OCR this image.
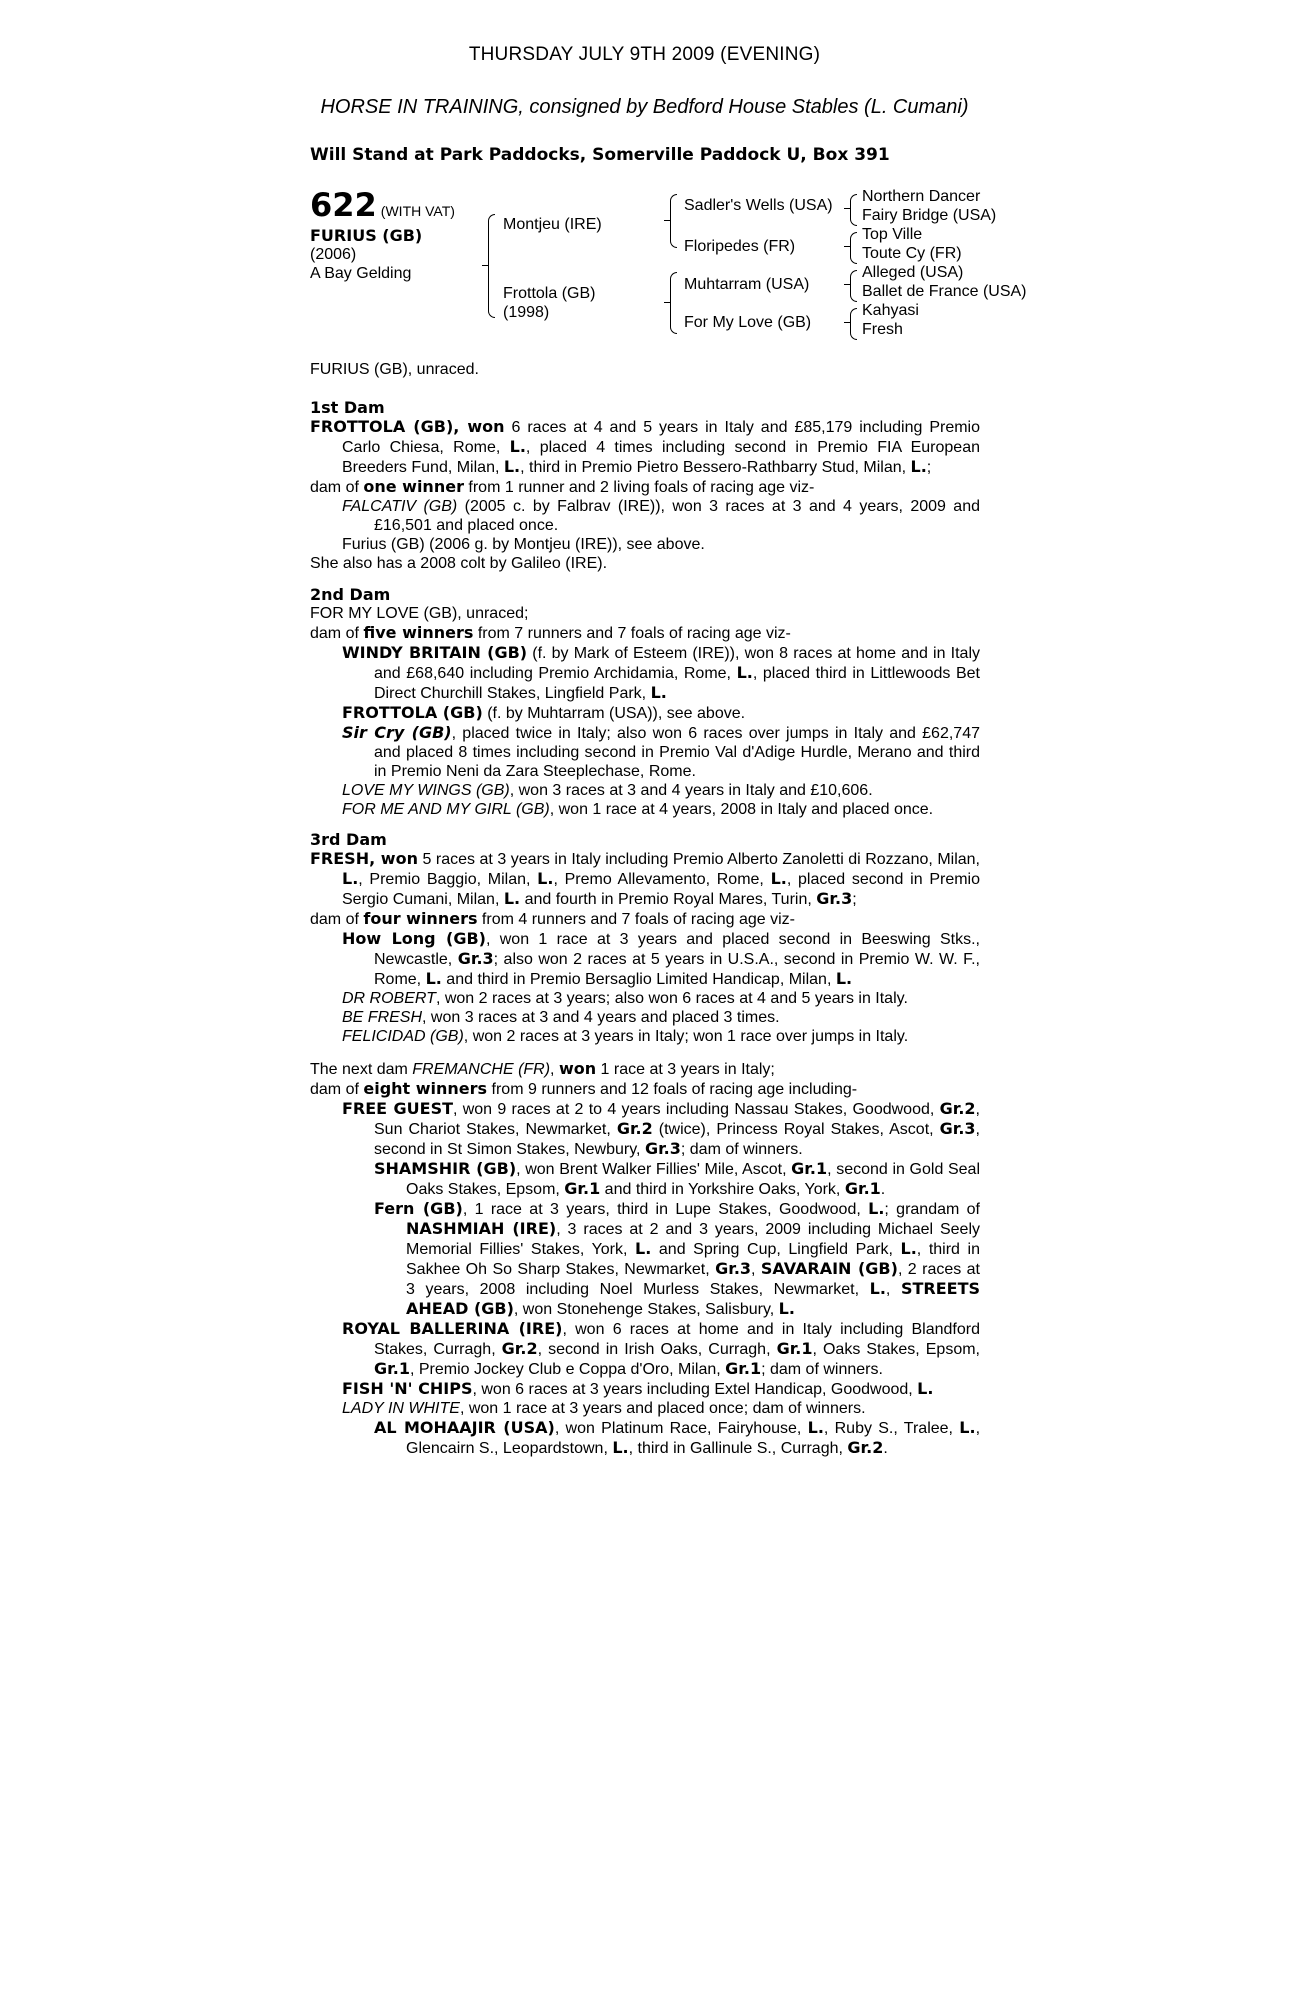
THURSDAY JULY 9TH 2009 (EVENING)
HORSE IN TRAINING, consigned by Bedford House Stables (L. Cumani)
Will Stand at Park Paddocks, Somerville Paddock U, Box 391
622 (WITH VAT)
FURIUS (GB)
(2006)
A Bay Gelding
Montjeu (IRE)
Frottola (GB)
(1998)
Sadler's Wells (USA)
Floripedes (FR)
Muhtarram (USA)
For My Love (GB)
Northern Dancer
Fairy Bridge (USA)
Top Ville
Toute Cy (FR)
Alleged (USA)
Ballet de France (USA)
Kahyasi
Fresh
FURIUS (GB), unraced.

1st Dam

FROTTOLA (GB), won 6 races at 4 and 5 years in Italy and £85,179 including Premio Carlo Chiesa, Rome, L., placed 4 times including second in Premio FIA European Breeders Fund, Milan, L., third in Premio Pietro Bessero-Rathbarry Stud, Milan, L.;

dam of one winner from 1 runner and 2 living foals of racing age viz-

FALCATIV (GB) (2005 c. by Falbrav (IRE)), won 3 races at 3 and 4 years, 2009 and £16,501 and placed once.

Furius (GB) (2006 g. by Montjeu (IRE)), see above.

She also has a 2008 colt by Galileo (IRE).

2nd Dam

FOR MY LOVE (GB), unraced;

dam of five winners from 7 runners and 7 foals of racing age viz-

WINDY BRITAIN (GB) (f. by Mark of Esteem (IRE)), won 8 races at home and in Italy and £68,640 including Premio Archidamia, Rome, L., placed third in Littlewoods Bet Direct Churchill Stakes, Lingfield Park, L.

FROTTOLA (GB) (f. by Muhtarram (USA)), see above.

Sir Cry (GB), placed twice in Italy; also won 6 races over jumps in Italy and £62,747 and placed 8 times including second in Premio Val d'Adige Hurdle, Merano and third in Premio Neni da Zara Steeplechase, Rome.

LOVE MY WINGS (GB), won 3 races at 3 and 4 years in Italy and £10,606.

FOR ME AND MY GIRL (GB), won 1 race at 4 years, 2008 in Italy and placed once.

3rd Dam

FRESH, won 5 races at 3 years in Italy including Premio Alberto Zanoletti di Rozzano, Milan, L., Premio Baggio, Milan, L., Premo Allevamento, Rome, L., placed second in Premio Sergio Cumani, Milan, L. and fourth in Premio Royal Mares, Turin, Gr.3;

dam of four winners from 4 runners and 7 foals of racing age viz-

How Long (GB), won 1 race at 3 years and placed second in Beeswing Stks., Newcastle, Gr.3; also won 2 races at 5 years in U.S.A., second in Premio W. W. F., Rome, L. and third in Premio Bersaglio Limited Handicap, Milan, L.

DR ROBERT, won 2 races at 3 years; also won 6 races at 4 and 5 years in Italy.

BE FRESH, won 3 races at 3 and 4 years and placed 3 times.

FELICIDAD (GB), won 2 races at 3 years in Italy; won 1 race over jumps in Italy.

The next dam FREMANCHE (FR), won 1 race at 3 years in Italy;

dam of eight winners from 9 runners and 12 foals of racing age including-

FREE GUEST, won 9 races at 2 to 4 years including Nassau Stakes, Goodwood, Gr.2, Sun Chariot Stakes, Newmarket, Gr.2 (twice), Princess Royal Stakes, Ascot, Gr.3, second in St Simon Stakes, Newbury, Gr.3; dam of winners.

SHAMSHIR (GB), won Brent Walker Fillies' Mile, Ascot, Gr.1, second in Gold Seal Oaks Stakes, Epsom, Gr.1 and third in Yorkshire Oaks, York, Gr.1.

Fern (GB), 1 race at 3 years, third in Lupe Stakes, Goodwood, L.; grandam of NASHMIAH (IRE), 3 races at 2 and 3 years, 2009 including Michael Seely Memorial Fillies' Stakes, York, L. and Spring Cup, Lingfield Park, L., third in Sakhee Oh So Sharp Stakes, Newmarket, Gr.3, SAVARAIN (GB), 2 races at 3 years, 2008 including Noel Murless Stakes, Newmarket, L., STREETS AHEAD (GB), won Stonehenge Stakes, Salisbury, L.

ROYAL BALLERINA (IRE), won 6 races at home and in Italy including Blandford Stakes, Curragh, Gr.2, second in Irish Oaks, Curragh, Gr.1, Oaks Stakes, Epsom, Gr.1, Premio Jockey Club e Coppa d'Oro, Milan, Gr.1; dam of winners.

FISH 'N' CHIPS, won 6 races at 3 years including Extel Handicap, Goodwood, L.

LADY IN WHITE, won 1 race at 3 years and placed once; dam of winners.

AL MOHAAJIR (USA), won Platinum Race, Fairyhouse, L., Ruby S., Tralee, L., Glencairn S., Leopardstown, L., third in Gallinule S., Curragh, Gr.2.
